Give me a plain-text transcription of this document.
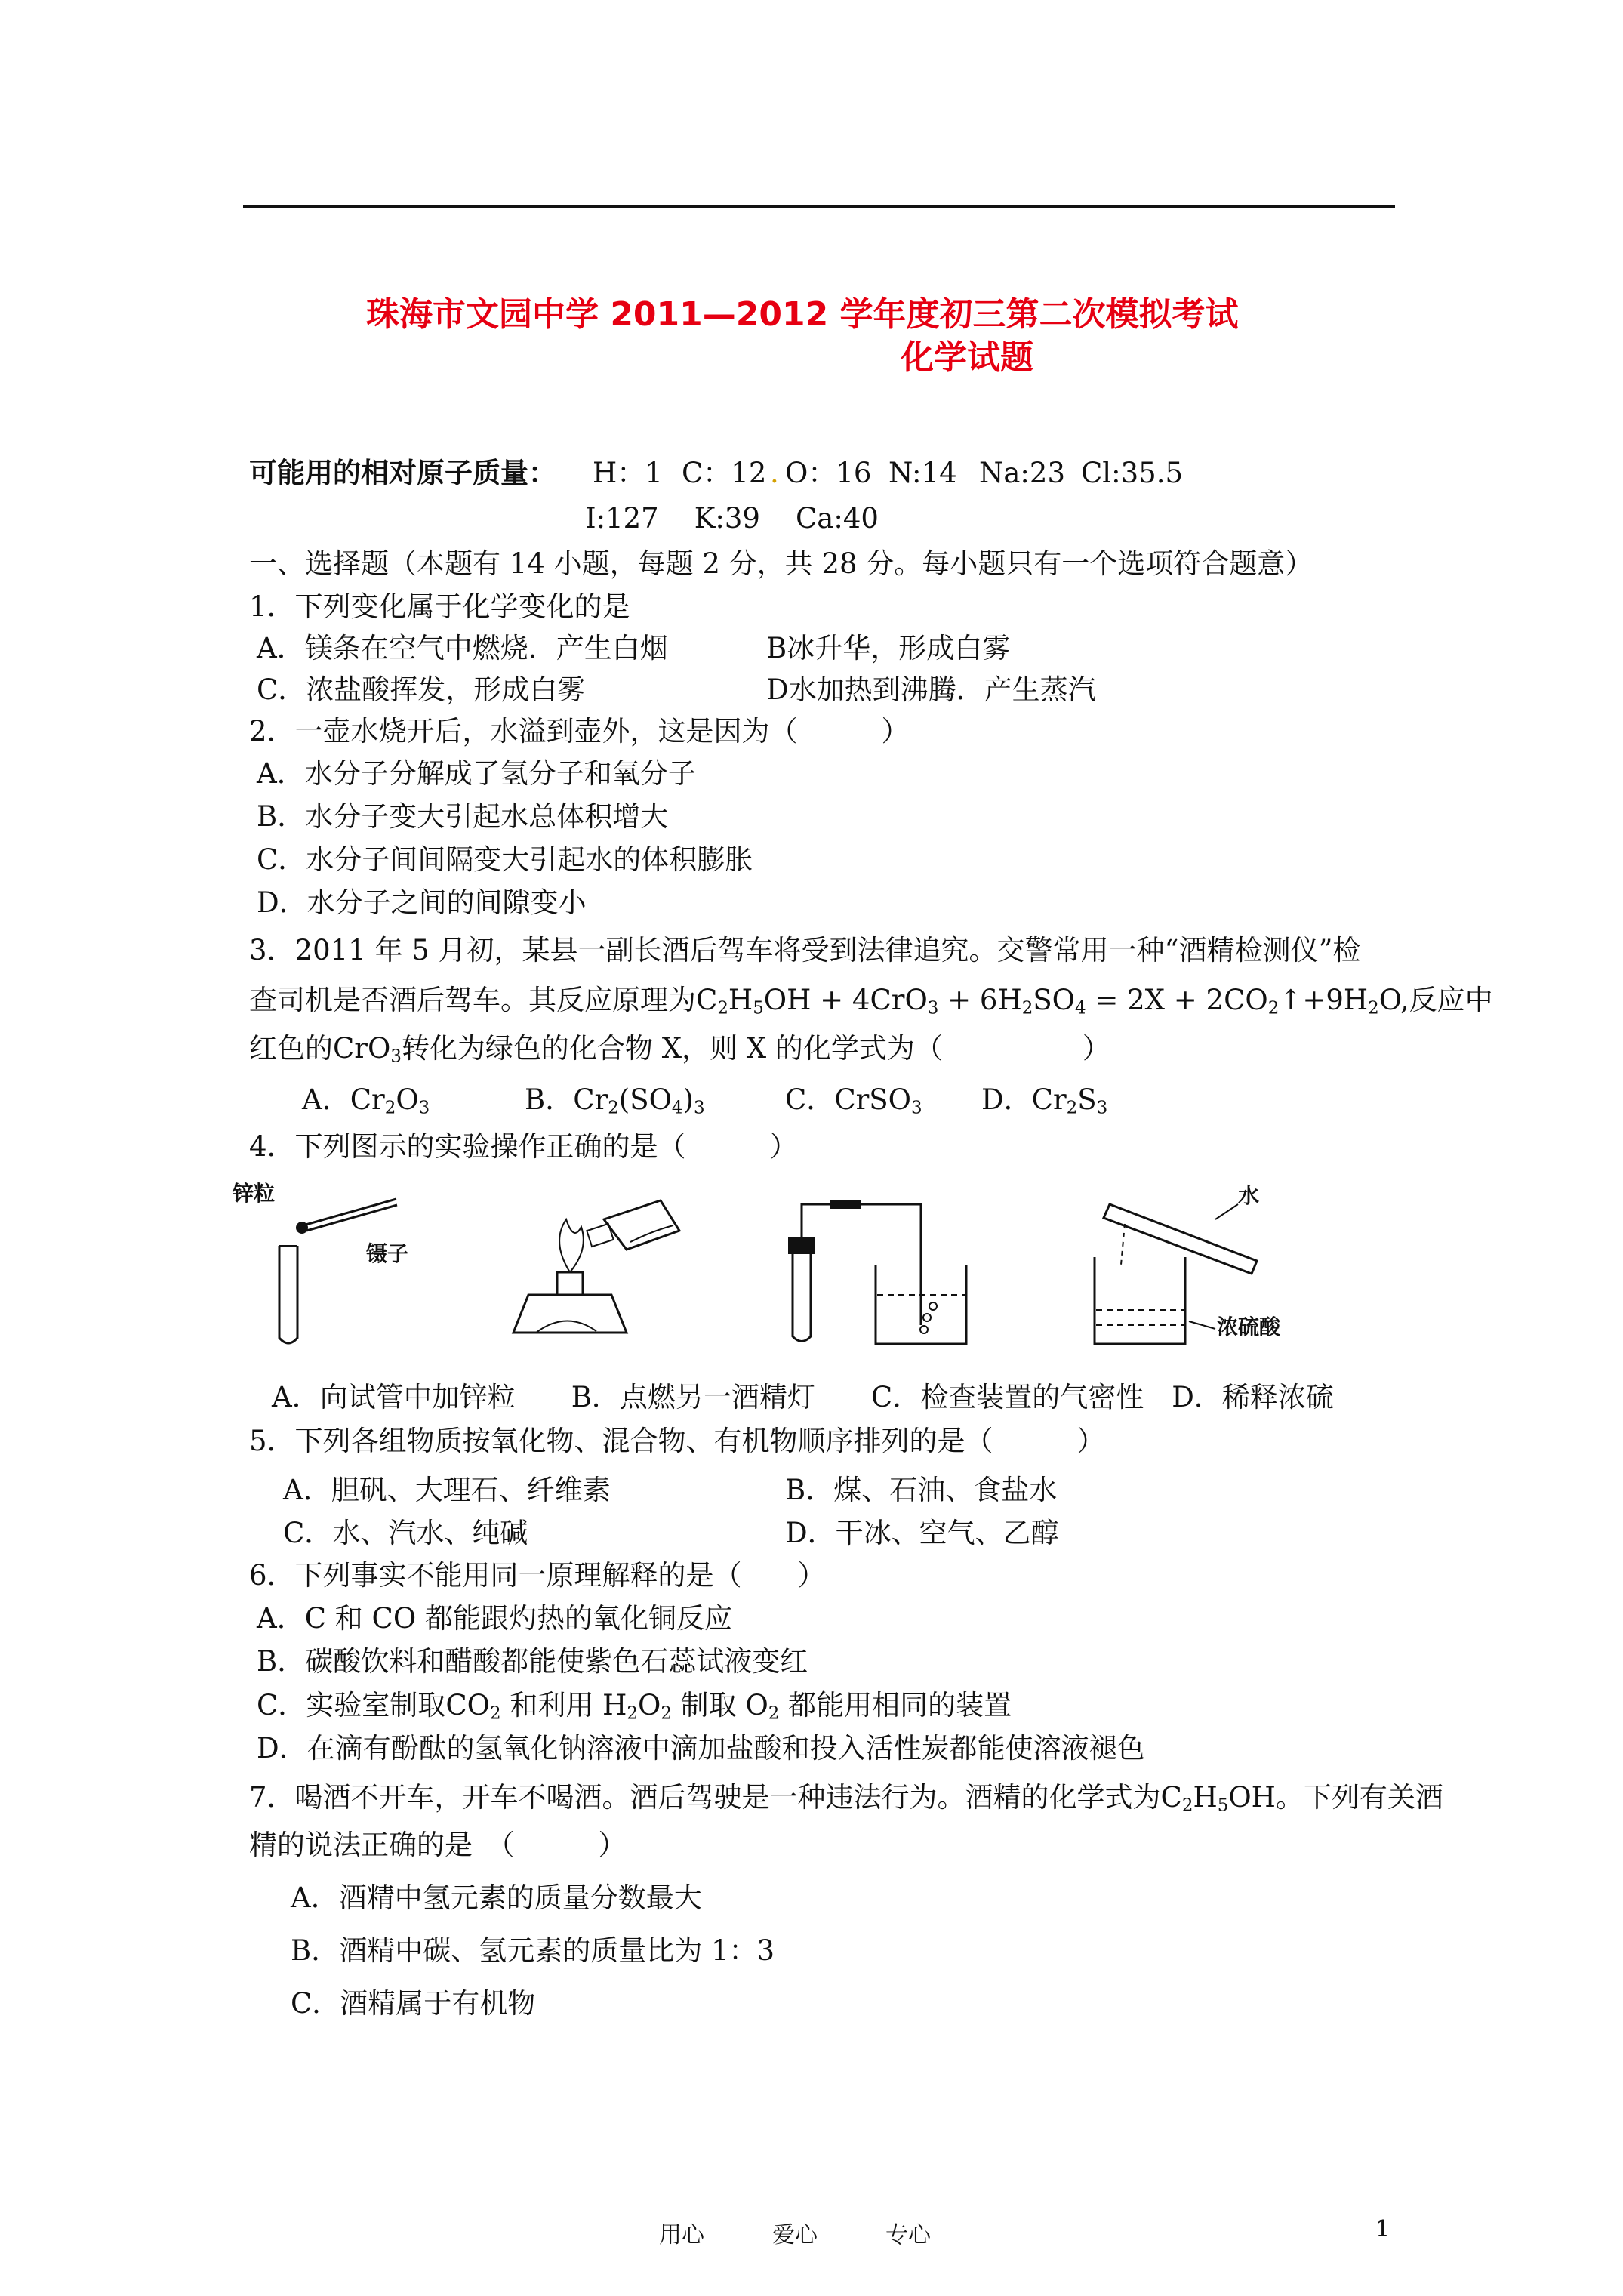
珠海市文园中学 2011—2012 学年度初三第二次模拟考试
化学试题
可能用的相对原子质量： H：1 C：12 . O：16 N:14 Na:23 Cl:35.5
I:127    K:39    Ca:40
一、选择题（本题有 14 小题，每题 2 分，共 28 分。每小题只有一个选项符合题意）
1．下列变化属于化学变化的是
A．镁条在空气中燃烧．产生白烟	B冰升华，形成白雾
C．浓盐酸挥发，形成白雾	D水加热到沸腾．产生蒸汽
2．一壶水烧开后，水溢到壶外，这是因为（　　　）
A．水分子分解成了氢分子和氧分子
B．水分子变大引起水总体积增大
C．水分子间间隔变大引起水的体积膨胀
D．水分子之间的间隙变小
3．2011 年 5 月初，某县一副长酒后驾车将受到法律追究。交警常用一种“酒精检测仪”检
查司机是否酒后驾车。其反应原理为$C_2H_5OH + 4CrO_3 + 6H_2SO_4 = 2X$ + $2CO_2↑+9H_2O$,反应中
红色的CrO$_3$转化为绿色的化合物 X，则 X 的化学式为（　　　　　）
A．$Cr_2O_3$	B．$Cr_2(SO_4)_3$	C．CrSO$_3$ D．$Cr_2S_3$
4．下列图示的实验操作正确的是（　　　）
锌粒
镊子
水
浓硫酸
A．向试管中加锌粒　　B．点燃另一酒精灯　　C．检查装置的气密性　D．稀释浓硫
5．下列各组物质按氧化物、混合物、有机物顺序排列的是（　　　）
A．胆矾、大理石、纤维素	B．煤、石油、食盐水
C．水、汽水、纯碱	D．干冰、空气、乙醇
6．下列事实不能用同一原理解释的是（　　）
A．C 和 CO 都能跟灼热的氧化铜反应
B．碳酸饮料和醋酸都能使紫色石蕊试液变红
C．实验室制取$CO_2$ 和利用 $H_2O_2$ 制取 $O_2$ 都能用相同的装置
D．在滴有酚酞的氢氧化钠溶液中滴加盐酸和投入活性炭都能使溶液褪色
7．喝酒不开车，开车不喝酒。酒后驾驶是一种违法行为。酒精的化学式为$C_2H_5OH$。下列有关酒
精的说法正确的是　（　　　）
A．酒精中氢元素的质量分数最大
B．酒精中碳、氢元素的质量比为 1：3
C．酒精属于有机物
用心　　　爱心　　　专心	1
